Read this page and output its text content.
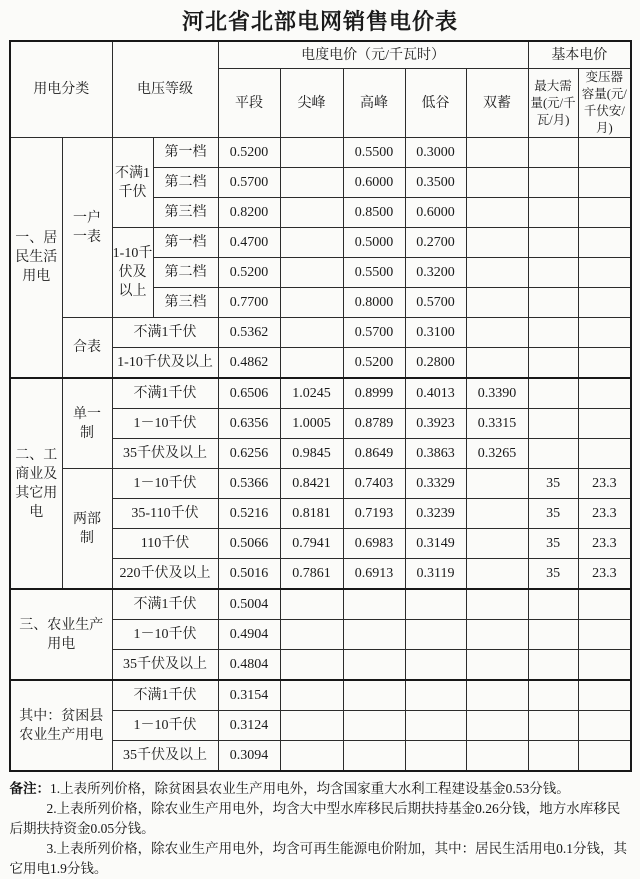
河北省北部电网销售电价表
用电分类		电压等级		电度电价（元/千瓦时）					基本电价	
				平段	尖峰	高峰	低谷	双蓄	最大需量(元/千瓦/月)	变压器容量(元/千伏安/月)
一、居民生活用电	一户一表	不满1千伏	第一档	0.5200		0.5500	0.3000			
			第二档	0.5700		0.6000	0.3500			
			第三档	0.8200		0.8500	0.6000			
		1-10千伏及以上	第一档	0.4700		0.5000	0.2700			
			第二档	0.5200		0.5500	0.3200			
			第三档	0.7700		0.8000	0.5700			
	合表	不满1千伏		0.5362		0.5700	0.3100			
		1-10千伏及以上		0.4862		0.5200	0.2800			
二、工商业及其它用电	单一制	不满1千伏		0.6506	1.0245	0.8999	0.4013	0.3390		
		1－10千伏		0.6356	1.0005	0.8789	0.3923	0.3315		
		35千伏及以上		0.6256	0.9845	0.8649	0.3863	0.3265		
	两部制	1－10千伏		0.5366	0.8421	0.7403	0.3329		35	23.3
		35-110千伏		0.5216	0.8181	0.7193	0.3239		35	23.3
		110千伏		0.5066	0.7941	0.6983	0.3149		35	23.3
		220千伏及以上		0.5016	0.7861	0.6913	0.3119		35	23.3
三、农业生产用电		不满1千伏		0.5004						
		1－10千伏		0.4904						
		35千伏及以上		0.4804						
其中：贫困县农业生产用电		不满1千伏		0.3154						
		1－10千伏		0.3124						
		35千伏及以上		0.3094						

备注：1.上表所列价格，除贫困县农业生产用电外，均含国家重大水利工程建设基金0.53分钱。

2.上表所列价格，除农业生产用电外，均含大中型水库移民后期扶持基金0.26分钱，地方水库移民后期扶持资金0.05分钱。

3.上表所列价格，除农业生产用电外，均含可再生能源电价附加，其中：居民生活用电0.1分钱，其它用电1.9分钱。
